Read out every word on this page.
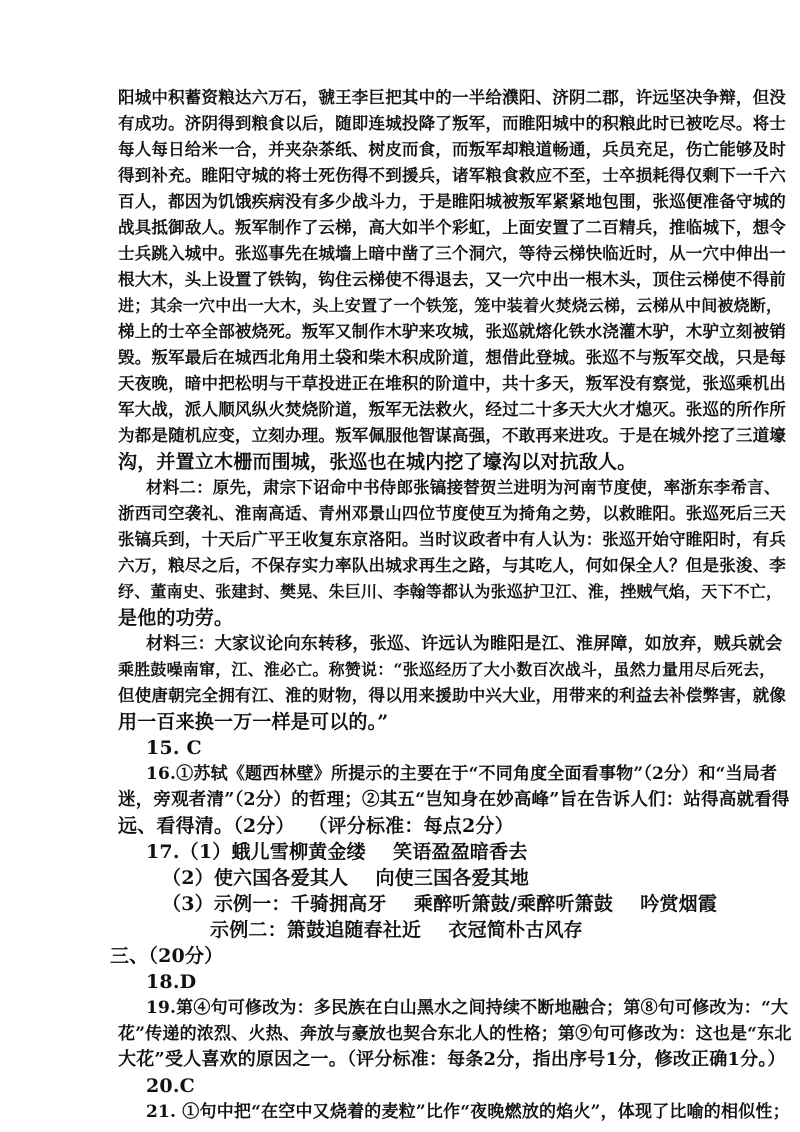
阳城中积蓄资粮达六万石，虢王李巨把其中的一半给濮阳、济阴二郡，许远坚决争辩，但没
有成功。济阴得到粮食以后，随即连城投降了叛军，而睢阳城中的积粮此时已被吃尽。将士
每人每日给米一合，并夹杂茶纸、树皮而食，而叛军却粮道畅通，兵员充足，伤亡能够及时
得到补充。睢阳守城的将士死伤得不到援兵，诸军粮食救应不至，士卒损耗得仅剩下一千六
百人，都因为饥饿疾病没有多少战斗力，于是睢阳城被叛军紧紧地包围，张巡便准备守城的
战具抵御敌人。叛军制作了云梯，高大如半个彩虹，上面安置了二百精兵，推临城下，想令
士兵跳入城中。张巡事先在城墙上暗中凿了三个洞穴，等待云梯快临近时，从一穴中伸出一
根大木，头上设置了铁钩，钩住云梯使不得退去，又一穴中出一根木头，顶住云梯使不得前
进；其余一穴中出一大木，头上安置了一个铁笼，笼中装着火焚烧云梯，云梯从中间被烧断，
梯上的士卒全部被烧死。叛军又制作木驴来攻城，张巡就熔化铁水浇灌木驴，木驴立刻被销
毁。叛军最后在城西北角用土袋和柴木积成阶道，想借此登城。张巡不与叛军交战，只是每
天夜晚，暗中把松明与干草投进正在堆积的阶道中，共十多天，叛军没有察觉，张巡乘机出
军大战，派人顺风纵火焚烧阶道，叛军无法救火，经过二十多天大火才熄灭。张巡的所作所
为都是随机应变，立刻办理。叛军佩服他智谋高强，不敢再来进攻。于是在城外挖了三道壕
沟，并置立木栅而围城，张巡也在城内挖了壕沟以对抗敌人。
材料二：原先，肃宗下诏命中书侍郎张镐接替贺兰进明为河南节度使，率浙东李希言、
浙西司空袭礼、淮南高适、青州邓景山四位节度使互为掎角之势，以救睢阳。张巡死后三天
张镐兵到，十天后广平王收复东京洛阳。当时议政者中有人认为：张巡开始守睢阳时，有兵
六万，粮尽之后，不保存实力率队出城求再生之路，与其吃人，何如保全人？但是张浚、李
纾、董南史、张建封、樊晃、朱巨川、李翰等都认为张巡护卫江、淮，挫贼气焰，天下不亡，
是他的功劳。
材料三：大家议论向东转移，张巡、许远认为睢阳是江、淮屏障，如放弃，贼兵就会
乘胜鼓噪南窜，江、淮必亡。称赞说：“张巡经历了大小数百次战斗，虽然力量用尽后死去，
但使唐朝完全拥有江、淮的财物，得以用来援助中兴大业，用带来的利益去补偿弊害，就像
用一百来换一万一样是可以的。”
15. C
16.①苏轼《题西林壁》所提示的主要在于“不同角度全面看事物”（2分）和“当局者
迷，旁观者清”（2分）的哲理；②其五“岂知身在妙高峰”旨在告诉人们：站得高就看得
远、看得清。（2分）  （评分标准：每点2分）
17.（1）蛾儿雪柳黄金缕    笑语盈盈暗香去
（2）使六国各爱其人    向使三国各爱其地
（3）示例一：千骑拥高牙    乘醉听箫鼓/乘醉听箫鼓    吟赏烟霞
示例二：箫鼓追随春社近    衣冠简朴古风存
三、（20分）
18.D
19.第④句可修改为：多民族在白山黑水之间持续不断地融合；第⑧句可修改为：“大
花”传递的浓烈、火热、奔放与豪放也契合东北人的性格；第⑨句可修改为：这也是“东北
大花”受人喜欢的原因之一。（评分标准：每条2分，指出序号1分，修改正确1分。）
20.C
21. ①句中把“在空中又烧着的麦粒”比作“夜晚燃放的焰火”，体现了比喻的相似性；
